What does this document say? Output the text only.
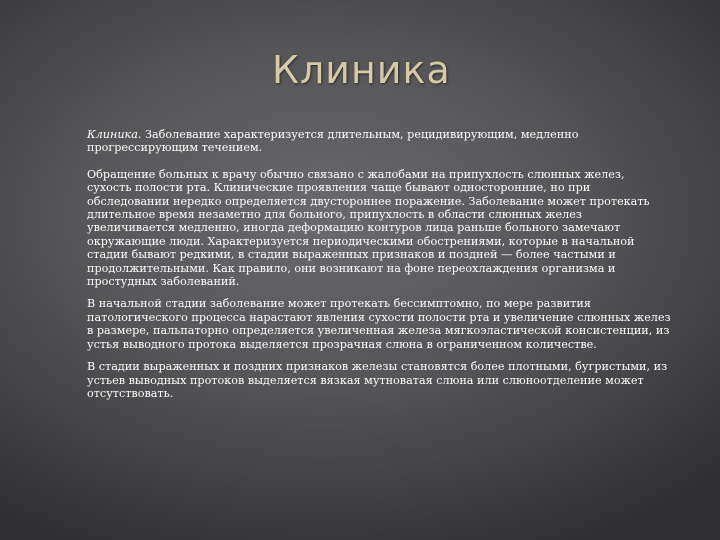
Клиника
Клиника. Заболевание характеризуется длительным, рецидивирующим, медленно прогрессирующим течением.

Обращение больных к врачу обычно связано с жалобами на припухлость слюнных желез, сухость полости рта. Клинические проявления чаще бывают односторонние, но при обследовании нередко определяется двустороннее поражение. Заболевание может протекать длительное время незаметно для больного, припухлость в области слюнных желез увеличивается медленно, иногда деформацию контуров лица раньше больного замечают окружающие люди. Характеризуется периодическими обострениями, которые в начальной стадии бывают редкими, в стадии выраженных признаков и поздней — более частыми и продолжительными. Как правило, они возникают на фоне переохлаждения организма и простудных заболеваний.

В начальной стадии заболевание может протекать бессимптомно, по мере развития патологического процесса нарастают явления сухости полости рта и увеличение слюнных желез в размере, пальпаторно определяется увеличенная железа мягкоэластической консистенции, из устья выводного протока выделяется прозрачная слюна в ограниченном количестве.

В стадии выраженных и поздних признаков железы становятся более плотными, бугристыми, из устьев выводных протоков выделяется вязкая мутноватая слюна или слюноотделение может отсутствовать.
